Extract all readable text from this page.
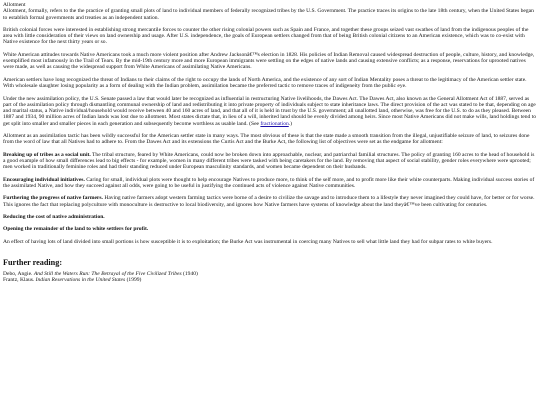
Allotment

Allotment, formally, refers to the the practice of granting small plots of land to individual members of federally recognized tribes by the U.S. Government. The practice traces its origins to the late 18th century, when the United States began to establish formal governments and treaties as an independent nation.

British colonial forces were interested in establishing strong mercantile forces to counter the other rising colonial powers such as Spain and France, and together these groups seized vast swathes of land from the indigenous peoples of the area with little consideration of their views on land ownership and usage. After U.S. independence, the goals of European settlers changed from that of being British colonial citizens to an American existence, which was to co-exist with Native existence for the next thirty years or so.

White American attitudes towards Native Americans took a much more violent position after Andrew Jacksonâ€™s election in 1828. His policies of Indian Removal caused widespread destruction of people, culture, history, and knowledge, exemplified most infamously in the Trail of Tears. By the mid-19th century more and more European immigrants were settling on the edges of native lands and causing extensive conflicts; as a response, reservations for uprooted natives were made, as well as causing the widespread support from White Americans of assimilating Native Americans.

American settlers have long recognized the threat of Indians to their claims of the right to occupy the lands of North America, and the existence of any sort of Indian Mentality poses a threat to the legitimacy of the American settler state. With wholesale slaughter losing popularity as a form of dealing with the Indian problem, assimilation became the preferred tactic to remove traces of indigeneity from the public eye.

Under the new assimilation policy, the U.S. Senate passed a law that would later be recognized as influential in restructuring Native livelihoods, the Dawes Act. The Dawes Act, also known as the General Allotment Act of 1887, served as part of the assimilation policy through dismantling communal ownership of land and redistributing it into private property of individuals subject to state inheritance laws. The direct provision of the act was stated to be that, depending on age and marital status, a Native individual/household would receive between 40 and 160 acres of land, and that all of it is held in trust by the U.S. government; all unallotted land, otherwise, was free for the U.S. to do as they pleased. Between 1887 and 1934, 90 million acres of Indian lands was lost due to allotment. Most states dictate that, in lieu of a will, inherited land should be evenly divided among heirs. Since most Native Americans did not make wills, land holdings tend to get split into smaller and smaller pieces in each generation and subsequently become worthless as usable land. (See fractionation.)

Allotment as an assimilation tactic has been wildly successful for the American settler state in many ways. The most obvious of these is that the state made a smooth transition from the illegal, unjustifiable seizure of land, to seizures done from the word of law that all Natives had to adhere to. From the Dawes Act and its extensions the Curtis Act and the Burke Act, the following list of objectives were set as the endgame for allotment:

Breaking up of tribes as a social unit. The tribal structure, feared by White Americans, could now be broken down into approachable, nuclear, and patriarchal familial structures. The policy of granting 160 acres to the head of household is a good example of how small differences lead to big effects - for example, women in many different tribes were tasked with being caretakers for the land. By removing that aspect of social stability, gender roles everywhere were uprooted; men worked in traditionally feminine roles and had their standing reduced under European masculinity standards, and women became dependent on their husbands.

Encouraging individual initiatives. Caring for small, individual plots were thought to help encourage Natives to produce more, to think of the self more, and to profit more like their white counterparts. Making individual success stories of the assimilated Native, and how they succeed against all odds, were going to be useful in justifying the continued acts of violence against Native communities.

Furthering the progress of native farmers. Having native farmers adopt western farming tactics were borne of a desire to civilize the savage and to introduce them to a lifestyle they never imagined they could have, for better or for worse. This ignores the fact that replacing polyculture with monoculture is destructive to local biodiversity, and ignores how Native farmers have systems of knowledge about the land theyâ€™ve been cultivating for centuries.

Reducing the cost of native administration.

Opening the remainder of the land to white settlers for profit.

An effect of having lots of land divided into small portions is how susceptible it is to exploitation; the Burke Act was instrumental in coercing many Natives to sell what little land they had for subpar rates to white buyers.

Further reading:

Debo, Angie. And Still the Waters Run: The Betrayal of the Five Civilized Tribes (1940)

Frantz, Klaus. Indian Reservations in the United States (1999)
